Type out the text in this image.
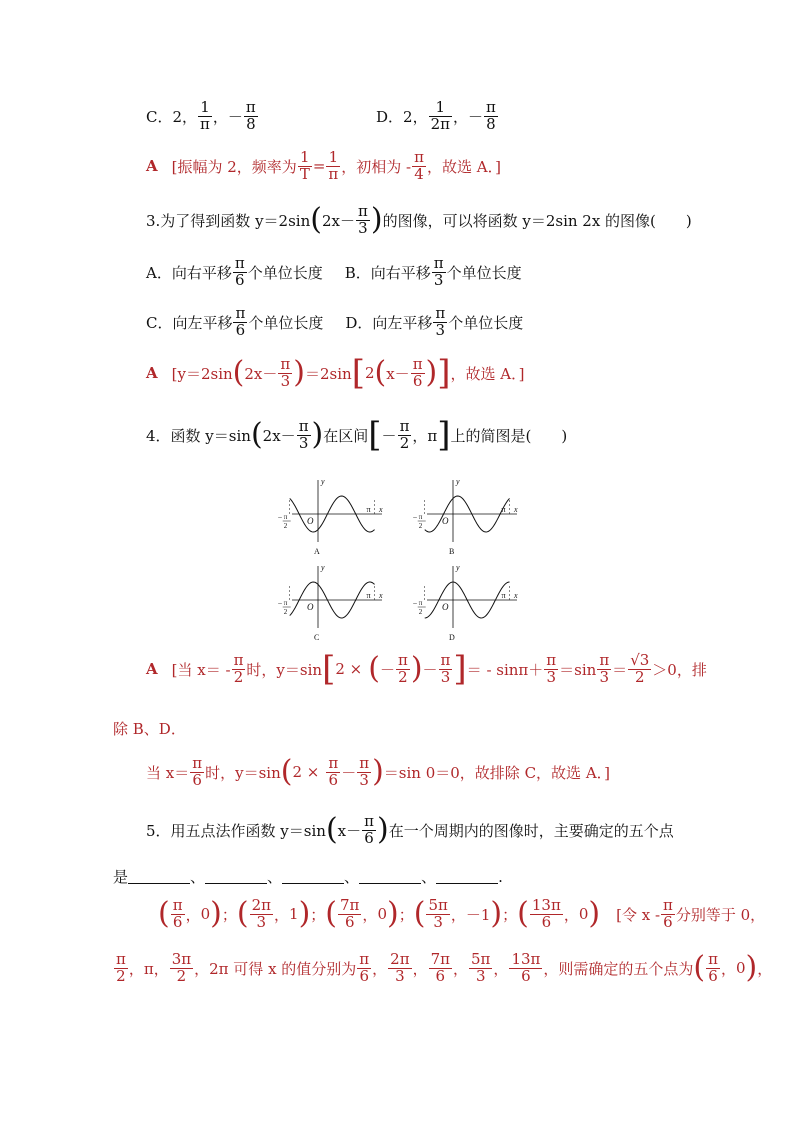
C．2， $\frac{1}{\pi}$ ，－ $\frac{\pi}{8}$	D．2， $\frac{1}{2\pi}$ ，－ $\frac{\pi}{8}$
A [振幅为 2，频率为 $\frac{1}{T} = \frac{1}{\pi}$ ，初相为 - $\frac{\pi}{4}$ ，故选 A．]
3.为了得到函数 y＝2sin ( $2x- \frac{\pi}{3}$ ) 的图像，可以将函数 y＝2sin 2x 的图像(　　)
A．向右平移 $\frac{\pi}{6}$ 个单位长度 B．向右平移 $\frac{\pi}{3}$ 个单位长度
C．向左平移 $\frac{\pi}{6}$ 个单位长度 D．向左平移 $\frac{\pi}{3}$ 个单位长度
A [y＝2sin ( $2x- \frac{\pi}{3}$ ) ＝2sin [ 2 ( $x- \frac{\pi}{6}$ ) ] ，故选 A．]
4．函数 y＝sin ( $2x- \frac{\pi}{3}$ ) 在区间 [ － $\frac{\pi}{2}$ ，π ] 上的简图是(　　)
y
x
O
π
− π
2
A
y
x
O
π
− π
2
B
y
x
O
π
− π
2
C
y
x
O
π
− π
2
D
A [当 $x= - \frac{\pi}{2}$ 时，y＝sin [ 2 × ( － $\frac{\pi}{2}$ ) － $\frac{\pi}{3}$ ] ＝ - $\sin\pi+ \frac{\pi}{3} =\sin \frac{\pi}{3} = \frac{√3}{2} >0$，排
除 B、D．
当 $x= \frac{\pi}{6}$ 时，y＝sin ( $2 \times \frac{\pi}{6} - \frac{\pi}{3}$ ) ＝sin 0＝0，故排除 C，故选 A．]
5．用五点法作函数 y＝sin ( $x- \frac{\pi}{6}$ ) 在一个周期内的图像时，主要确定的五个点
是	、	、	、	、	.
( $\frac{\pi}{6}$ ， 0 ) ； ( $\frac{2\pi}{3}$ ， 1 ) ； ( $\frac{7\pi}{6}$ ， 0 ) ； ( $\frac{5\pi}{3}$ ， －1 ) ； ( $\frac{13\pi}{6}$ ， 0 ) [令 x - $\frac{\pi}{6}$ 分别等于 0，
$\frac{\pi}{2}$ ，π， $\frac{3\pi}{2}$ ，2π 可得 x 的值分别为 $\frac{\pi}{6}$ ， $\frac{2\pi}{3}$ ， $\frac{7\pi}{6}$ ， $\frac{5\pi}{3}$ ， $\frac{13\pi}{6}$ ，则需确定的五个点为 ( $\frac{\pi}{6}$ ， 0 ) ，
